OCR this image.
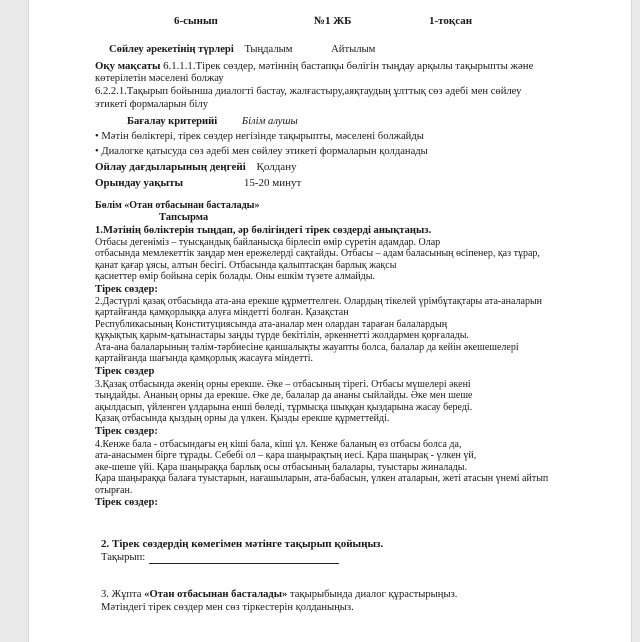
6-сынып	№1 ЖБ	1-тоқсан
Сөйлеу әрекетінің түрлері Тыңдалым	Айтылым
Оқу мақсаты 6.1.1.1.Тірек сөздер, мәтіннің бастапқы бөлігін тыңдау арқылы тақырыпты және
көтерілетін мәселені болжау
6.2.2.1.Тақырып бойынша диалогті бастау, жалғастыру,аяқтаудың ұлттық сөз әдебі мен сөйлеу
этикеті формаларын білу
Бағалау критерийі Білім алушы
• Мәтін бөліктері, тірек сөздер негізінде тақырыпты, мәселені болжайды
• Диалогке қатысуда сөз әдебі мен сөйлеу этикеті формаларын қолданады
Ойлау дағдыларының деңгейі Қолдану
Орындау уақыты	15-20 минут
Бөлім «Отан отбасынан басталады»
Тапсырма
1.Мәтінің бөліктерін тыңдап, әр бөлігіндегі тірек сөздерді анықтаңыз.
Отбасы дегеніміз – туысқандық байланысқа бірлесіп өмір сүретін адамдар. Олар
отбасында мемлекеттік заңдар мен ережелерді сақтайды. Отбасы – адам баласының өсіпенер, қаз тұрар,
қанат қағар ұясы, алтын бесігі. Отбасында қалыптасқан барлық жақсы
қасиеттер өмір бойына серік болады. Оны ешкім түзете алмайды.
Тірек сөздер:
2.Дәстүрлі қазақ отбасында ата-ана ерекше құрметтелген. Олардың тікелей үрімбұтақтары ата-аналарын
қартайғанда қамқорлыққа алуға міндетті болған. Қазақстан
Республикасының Конституциясында ата-аналар мен олардан тараған балалардың
құқықтық қарым-қатынастары заңды түрде бекітілін, әркеннетті жолдармен қорғалады.
Ата-ана балаларының тәлім-тәрбиесіне қаншалықты жауапты болса, балалар да кейін әкешешелері
қартайғанда шағында қамқорлық жасауға міндетті.
Тірек сөздер
3.Қазақ отбасында әкенің орны ерекше. Әке – отбасының тірегі. Отбасы мүшелері әкені
тыңдайды. Ананың орны да ерекше. Әке де, балалар да ананы сыйлайды. Әке мен шеше
ақылдасып, үйленген ұлдарына еншi бөледі, тұрмысқа шыққан қыздарына жасау береді.
Қазақ отбасында қыздың орны да үлкен. Қызды ерекше құрметтейді.
Тірек сөздер:
4.Кенже бала - отбасындағы ең кіші бала, кіші ұл. Кенже баланың өз отбасы болса да,
ата-анасымен бірге тұрады. Себебі ол – қара шаңырақтың иесі. Қара шаңырақ - үлкен үй,
әке-шеше үйі. Қара шаңыраққа барлық осы отбасының балалары, туыстары жиналады.
Қара шаңыраққа балаға туыстарын, нағашыларын, ата-бабасын, үлкен аталарын, жеті атасын үнемі айтып
отырған.
Тірек сөздер:
2. Тірек сөздердің көмегімен мәтінге тақырып қойыңыз.
Тақырып:
3. Жұпта «Отан отбасынан басталады» тақырыбында диалог құрастырыңыз.
Мәтіндегі тірек сөздер мен сөз тіркестерін қолданыңыз.
